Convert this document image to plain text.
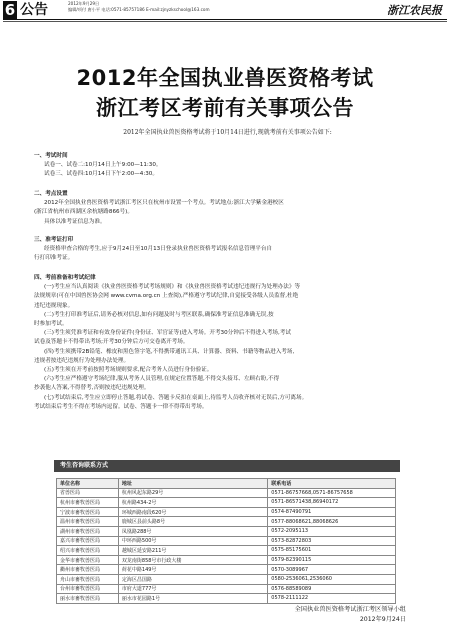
6 公告	2012年9月29日
编辑/项付 唐小平 电话:0571-85757186 E-mail:zjnyzkschool@163.com	浙江农民报
2012年全国执业兽医资格考试
浙江考区考前有关事项公告
2012年全国执业兽医资格考试将于10月14日进行,现就考前有关事项公告如下:
一、考试时间
试卷一、试卷二:10月14日上午9:00—11:30。
试卷三、试卷四:10月14日下午2:00—4:30。
二、考点设置
2012年全国执业兽医资格考试浙江考区只在杭州市设置一个考点。考试地点:浙江大学紫金港校区
(浙江省杭州市西湖区余杭塘路866号)。
具体以准考证信息为准。
三、准考证打印
经资格审查合格的考生,应于9月24日至10月13日登录执业兽医资格考试报名信息管理平台自
行打印准考证。
四、考前准备和考试纪律
(一)考生应当认真阅读《执业兽医资格考试考场规则》和《执业兽医资格考试违纪违规行为处理办法》等
法规规章(可在中国兽医协会网 www.cvma.org.cn 上查阅),严格遵守考试纪律,自觉接受各级人员监督,杜绝
违纪违规现象。
(二)考生打印准考证后,请务必核对信息,如有问题及时与考区联系,确保准考证信息准确无误,按
时参加考试。
(三)考生须凭准考证和有效身份证件(身份证、军官证等)进入考场。开考30分钟后不得进入考场,考试
试卷及答题卡不得带出考场;开考30分钟后方可交卷离开考场。
(四)考生须携带2B铅笔、橡皮和黑色签字笔,不得携带通讯工具、计算器、资料、书籍等物品进入考场,
违规者按违纪违规行为处理办法处理。
(五)考生须在开考前按照考场规则要求,配合考务人员进行身份验证。
(六)考生应严格遵守考场纪律,服从考务人员管理,在规定位置答题,不得交头接耳、左顾右盼,不得
抄袭他人答案,不得替考,否则按违纪违规处理。
(七)考试结束后,考生应立即停止答题,将试卷、答题卡反扣在桌面上,待监考人员收齐核对无误后,方可离场。
考试结束后考生不得在考场内逗留。试卷、答题卡一律不得带出考场。
考生咨询联系方式
单位名称	地址	联系电话
省兽医局	杭州风起东路29号	0571-86757668,0571-86757658
杭州市畜牧兽医局	杭州路434-2号	0571-86571438,86940172
宁波市畜牧兽医局	环城西路南段620号	0574-87490791
温州市畜牧兽医局	鹿城区县前头路8号	0577-88068621,88068626
湖州市畜牧兽医局	凤凰路288号	0572-2095113
嘉兴市畜牧兽医局	中环西路500号	0573-82872803
绍兴市畜牧兽医局	越城区延安路211号	0575-85175601
金华市畜牧兽医局	双龙南街858号市行政大楼	0579-82390115
衢州市畜牧兽医局	荷花中路149号	0570-3089967
舟山市畜牧兽医局	定海区昌国路	0580-2536061,2536060
台州市畜牧兽医局	市府大道777号	0576-88589089
丽水市畜牧兽医局	丽水市花园路1号	0578-2111122
全国执业兽医资格考试浙江考区领导小组
2012年9月24日
